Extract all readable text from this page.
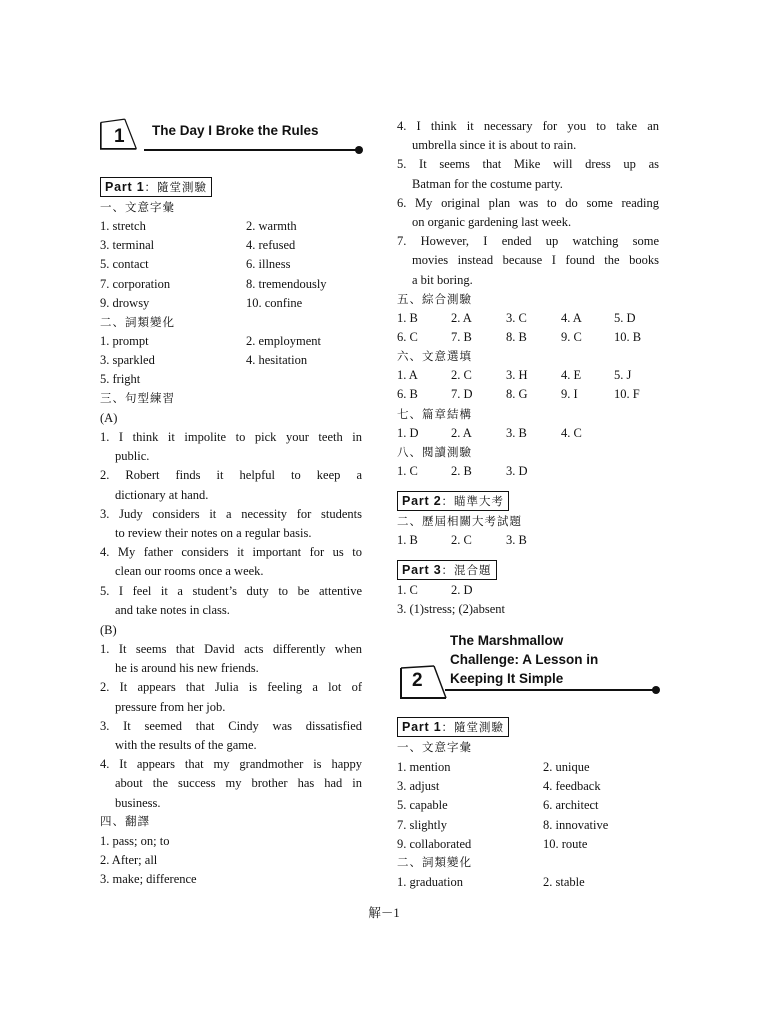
1 The Day I Broke the Rules
Part 1：隨堂測驗
一、文意字彙
1. stretch	2. warmth
3. terminal	4. refused
5. contact	6. illness
7. corporation	8. tremendously
9. drowsy	10. confine
二、詞類變化
1. prompt	2. employment
3. sparkled	4. hesitation
5. fright
三、句型練習
(A)
1. I think it impolite to pick your teeth in
public.
2. Robert finds it helpful to keep a
dictionary at hand.
3. Judy considers it a necessity for students
to review their notes on a regular basis.
4. My father considers it important for us to
clean our rooms once a week.
5. I feel it a student’s duty to be attentive
and take notes in class.
(B)
1. It seems that David acts differently when
he is around his new friends.
2. It appears that Julia is feeling a lot of
pressure from her job.
3. It seemed that Cindy was dissatisfied
with the results of the game.
4. It appears that my grandmother is happy
about the success my brother has had in
business.
四、翻譯
1. pass; on; to
2. After; all
3. make; difference
4. I think it necessary for you to take an
umbrella since it is about to rain.
5. It seems that Mike will dress up as
Batman for the costume party.
6. My original plan was to do some reading
on organic gardening last week.
7. However, I ended up watching some
movies instead because I found the books
a bit boring.
五、綜合測驗
1. B	2. A	3. C	4. A	5. D
6. C	7. B	8. B	9. C	10. B
六、文意選填
1. A	2. C	3. H	4. E	5. J
6. B	7. D	8. G	9. I	10. F
七、篇章結構
1. D	2. A	3. B	4. C
八、閱讀測驗
1. C	2. B	3. D
Part 2：瞄準大考
二、歷屆相關大考試題
1. B	2. C	3. B
Part 3：混合題
1. C	2. D
3. (1)stress; (2)absent
2
The Marshmallow
Challenge: A Lesson in
Keeping It Simple
Part 1：隨堂測驗
一、文意字彙
1. mention	2. unique
3. adjust	4. feedback
5. capable	6. architect
7. slightly	8. innovative
9. collaborated	10. route
二、詞類變化
1. graduation	2. stable
解－1
